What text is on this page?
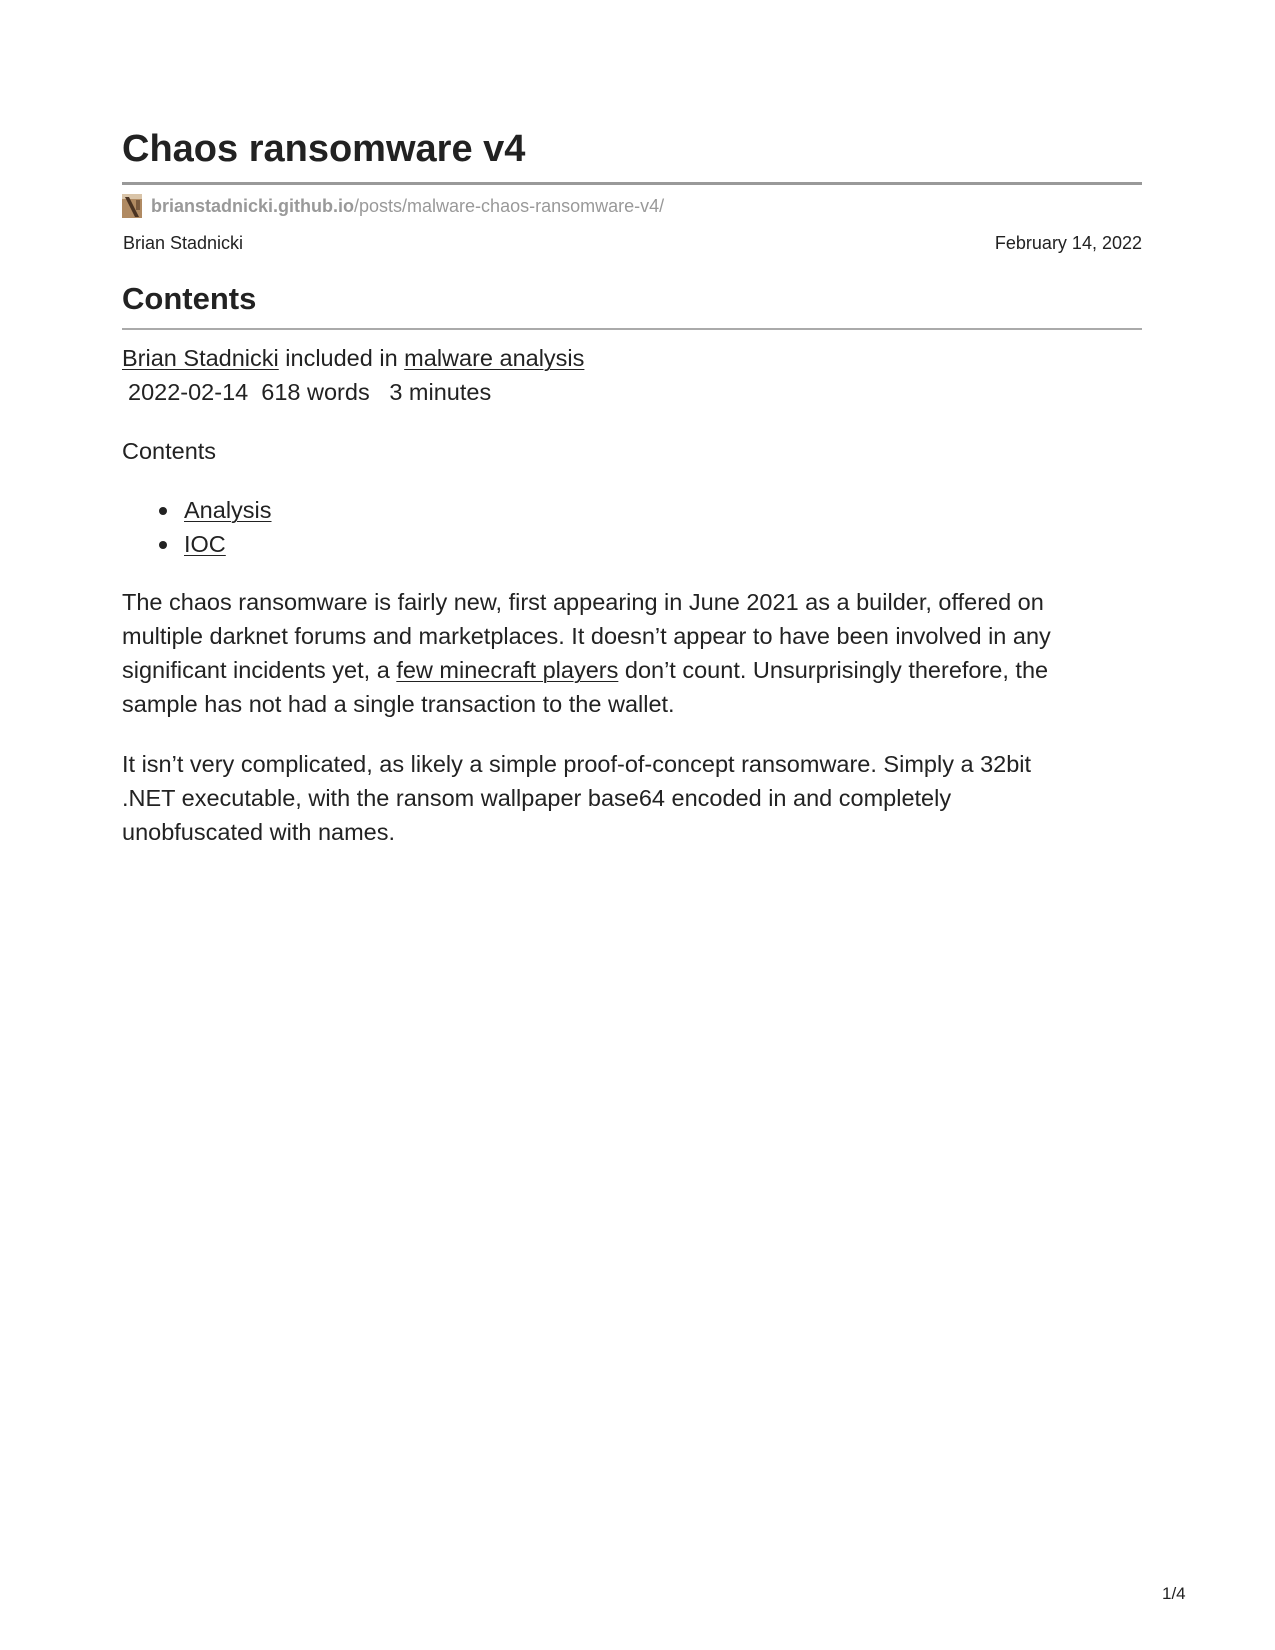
Chaos ransomware v4
brianstadnicki.github.io /posts/malware-chaos-ransomware-v4/
Brian Stadnicki	February 14, 2022
Contents
Brian Stadnicki included in malware analysis
2022-02-14 618 words 3 minutes
Contents
Analysis
IOC

The chaos ransomware is fairly new, first appearing in June 2021 as a builder, offered on
multiple darknet forums and marketplaces. It doesn’t appear to have been involved in any
significant incidents yet, a few minecraft players don’t count. Unsurprisingly therefore, the
sample has not had a single transaction to the wallet.

It isn’t very complicated, as likely a simple proof-of-concept ransomware. Simply a 32bit
.NET executable, with the ransom wallpaper base64 encoded in and completely
unobfuscated with names.

1/4
